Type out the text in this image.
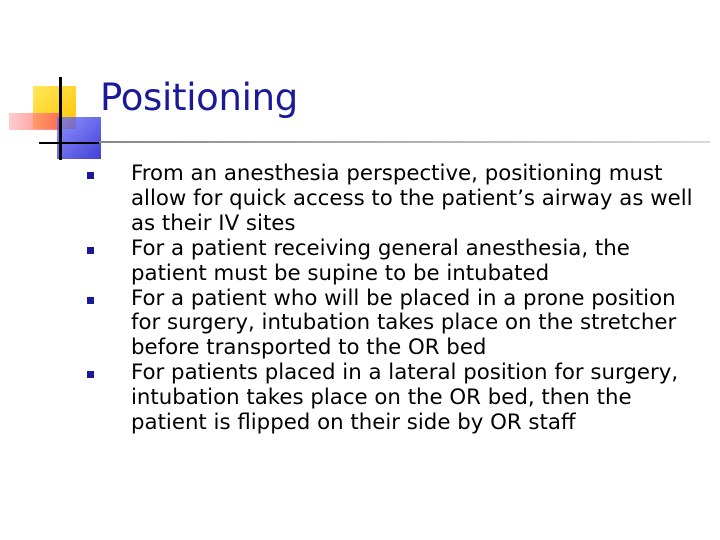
Positioning
From an anesthesia perspective, positioning must allow for quick access to the patient’s airway as well as their IV sites
For a patient receiving general anesthesia, the patient must be supine to be intubated
For a patient who will be placed in a prone position for surgery, intubation takes place on the stretcher before transported to the OR bed
For patients placed in a lateral position for surgery, intubation takes place on the OR bed, then the patient is flipped on their side by OR staff
